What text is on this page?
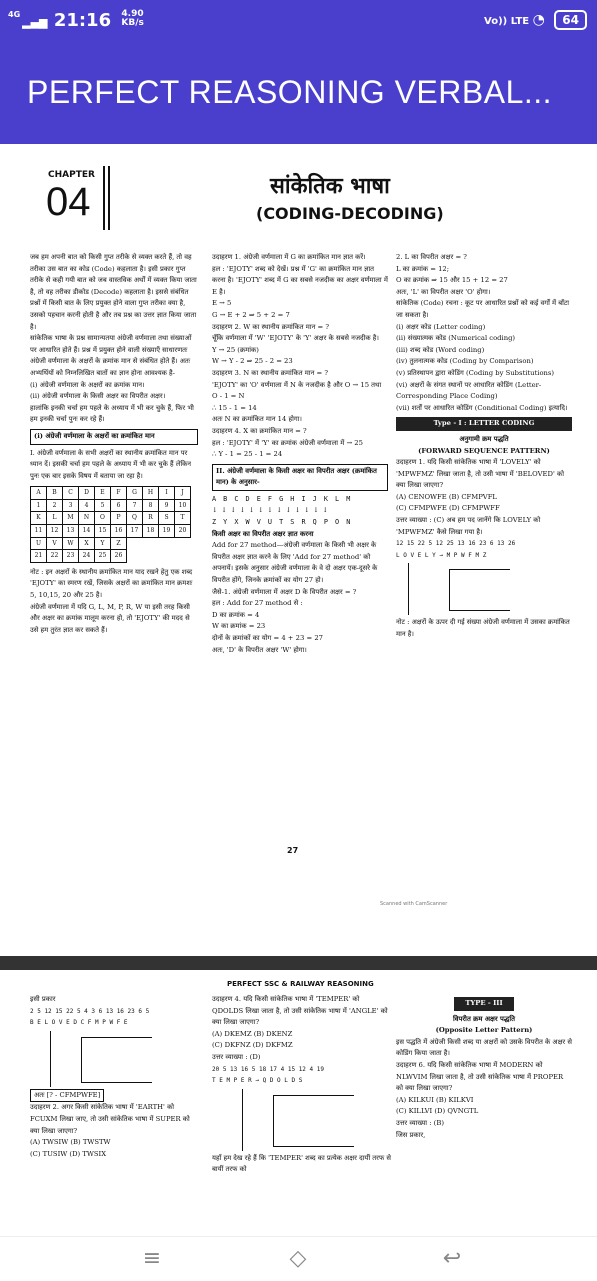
$^{4G}$▂▄▆ 21:16 4.90
KB/s	Vo)) LTE ◔ 64
PERFECT REASONING VERBAL...
CHAPTER
04	सांकेतिक भाषा
(CODING-DECODING)

जब हम अपनी बात को किसी गुप्त तरीके से व्यक्त करते हैं, तो वह तरीका उस बात का कोड (Code) कहलाता है। इसी प्रकार गुप्त तरीके से कही गयी बात को जब वास्तविक अर्थों में व्यक्त किया जाता है, तो वह तरीका डीकोड (Decode) कहलाता है। इससे संबंधित प्रश्नों में किसी बात के लिए प्रयुक्त होने वाला गुप्त तरीका क्या है, उसको पहचान करनी होती है और तब प्रश्न का उत्तर ज्ञात किया जाता है।

सांकेतिक भाषा के प्रश्न सामान्यतया अंग्रेजी वर्णमाला तथा संख्याओं पर आधारित होते हैं। प्रश्न में प्रयुक्त होने वाली संख्याएँ साधारणतः अंग्रेजी वर्णमाला के अक्षरों के क्रमांक मान से संबंधित होते हैं। अतः अभ्यर्थियों को निम्नलिखित बातों का ज्ञान होना आवश्यक है-

(i) अंग्रेजी वर्णमाला के अक्षरों का क्रमांक मान।

(ii) अंग्रेजी वर्णमाला के किसी अक्षर का विपरीत अक्षर।

हालांकि इनकी चर्चा हम पहले के अध्याय में भी कर चुके हैं, फिर भी हम इनकी चर्चा पुनः कर रहे हैं।

(i) अंग्रेजी वर्णमाला के अक्षरों का क्रमांकित मान

I. अंग्रेजी वर्णमाला के सभी अक्षरों का स्थानीय क्रमांकित मान पर ध्यान दें। इसकी चर्चा हम पहले के अध्याय में भी कर चुके हैं लेकिन पुनः एक बार इसके विषय में बताया जा रहा है।

A	B	C	D	E	F	G	H	I	J
1	2	3	4	5	6	7	8	9	10
K	L	M	N	O	P	Q	R	S	T
11	12	13	14	15	16	17	18	19	20
U	V	W	X	Y	Z				
21	22	23	24	25	26				

नोट : इन अक्षरों के स्थानीय क्रमांकित मान याद रखने हेतु एक शब्द 'EJOTY' का स्मरण रखें, जिसके अक्षरों का क्रमांकित मान क्रमशः 5, 10,15, 20 और 25 है।

अंग्रेजी वर्णमाला में यदि G, L, M, P, R, W या इसी तरह किसी और अक्षर का क्रमांक मालूम करना हो, तो 'EJOTY' की मदद से उसे हम तुरंत ज्ञात कर सकते हैं।

उदाहरण 1. अंग्रेजी वर्णमाला में G का क्रमांकित मान ज्ञात करें।

हल : 'EJOTY' शब्द को देखें। प्रश्न में 'G' का क्रमांकित मान ज्ञात करना है। 'EJOTY' शब्द में G का सबसे नजदीक का अक्षर वर्णमाला में E है।

E → 5

G → E + 2 ⇒ 5 + 2 = 7

उदाहरण 2. W का स्थानीय क्रमांकित मान = ?

चूँकि वर्णमाला में 'W' 'EJOTY' के 'Y' अक्षर के सबसे नजदीक है।

Y → 25 (क्रमांक)

W → Y - 2 ⇒ 25 - 2 = 23

उदाहरण 3. N का स्थानीय क्रमांकित मान = ?

'EJOTY' का 'O' वर्णमाला में N के नजदीक है और O → 15 तथा O - 1 = N

∴ 15 - 1 = 14

अतः N का क्रमांकित मान 14 होगा।

उदाहरण 4. X का क्रमांकित मान = ?

हल : 'EJOTY' में 'Y' का क्रमांक अंग्रेजी वर्णमाला में → 25

∴ Y - 1 = 25 - 1 = 24

II. अंग्रेजी वर्णमाला के किसी अक्षर का विपरीत अक्षर (क्रमांकित मान) के अनुसार-

A B C D E F G H I J K L M

↓↓↓↓↓↓↓↓↓↓↓↓↓

Z Y X W V U T S R Q P O N

किसी अक्षर का विपरीत अक्षर ज्ञात करना

Add for 27 method—अंग्रेजी वर्णमाला के किसी भी अक्षर के विपरीत अक्षर ज्ञात करने के लिए 'Add for 27 method' को अपनायें। इसके अनुसार अंग्रेजी वर्णमाला के वे दो अक्षर एक-दूसरे के विपरीत होंगे, जिनके क्रमांकों का योग 27 हो।

जैसे-1. अंग्रेजी वर्णमाला में अक्षर D के विपरीत अक्षर = ?

हल : Add for 27 method से :

D का क्रमांक = 4

W का क्रमांक = 23

दोनों के क्रमांकों का योग = 4 + 23 = 27

अतः, 'D' के विपरीत अक्षर 'W' होगा।

2. L का विपरीत अक्षर = ?

L का क्रमांक = 12;

O का क्रमांक ⇒ 15 और 15 + 12 = 27

अतः, 'L' का विपरीत अक्षर 'O' होगा।

सांकेतिक (Code) रचना : कूट पर आधारित प्रश्नों को कई वर्गों में बाँटा जा सकता है।

(i) अक्षर कोड (Letter coding)

(ii) संख्यात्मक कोड (Numerical coding)

(iii) शब्द कोड (Word coding)

(iv) तुलनात्मक कोड (Coding by Comparison)

(v) प्रतिस्थापन द्वारा कोडिंग (Coding by Substitutions)

(vi) अक्षरों के संगत स्थानों पर आधारित कोडिंग (Letter-Corresponding Place Coding)

(vii) शर्तों पर आधारित कोडिंग (Conditional Coding) इत्यादि।

Type - I : LETTER CODING

अनुगामी क्रम पद्धति

(FORWARD SEQUENCE PATTERN)

उदाहरण 1. यदि किसी सांकेतिक भाषा में 'LOVELY' को 'MPWFMZ' लिखा जाता है, तो उसी भाषा में 'BELOVED' को क्या लिखा जाएगा?

(A) CENOWFE (B) CFMPVFL

(C) CFMPWFE (D) CFMPWFF

उत्तर व्याख्या : (C) अब हम पद जानेंगे कि LOVELY को 'MPWFMZ' कैसे लिखा गया है।

12 15 22 5 12 25 13 16 23 6 13 26

L O V E L Y → M P W F M Z

नोट : अक्षरों के ऊपर दी गई संख्या अंग्रेजी वर्णमाला में उसका क्रमांकित मान है।

27
Scanned with CamScanner
PERFECT SSC & RAILWAY REASONING

इसी प्रकार

2 5 12 15 22 5 4 3 6 13 16 23 6 5

B E L O V E D C F M P W F E

अतः [? - CFMPWFE]

उदाहरण 2. अगर किसी सांकेतिक भाषा में 'EARTH' को FCUXM लिखा जाए, तो उसी सांकेतिक भाषा में SUPER को क्या लिखा जाएगा?

(A) TWSIW (B) TWSTW

(C) TUSIW (D) TWSIX

उदाहरण 4. यदि किसी सांकेतिक भाषा में 'TEMPER' को QDOLDS लिखा जाता है, तो उसी सांकेतिक भाषा में 'ANGLE' को क्या लिखा जाएगा?

(A) DKEMZ (B) DKENZ

(C) DKFNZ (D) DKFMZ

उत्तर व्याख्या : (D)

20 5 13 16 5 18 17 4 15 12 4 19

T E M P E R → Q D O L D S

यहाँ हम देख रहे हैं कि 'TEMPER' शब्द का प्रत्येक अक्षर दायीं तरफ से बायीं तरफ को

TYPE - III

विपरीत क्रम अक्षर पद्धति

(Opposite Letter Pattern)

इस पद्धति में अंग्रेजी किसी शब्द या अक्षरों को उसके विपरीत के अक्षर से कोडिंग किया जाता है।

उदाहरण 6. यदि किसी सांकेतिक भाषा में MODERN को NLWVIM लिखा जाता है, तो उसी सांकेतिक भाषा में PROPER को क्या लिखा जाएगा?

(A) KILKUI (B) KILKVI

(C) KILLVI (D) QVNGTL

उत्तर व्याख्या : (B)

जिस प्रकार,

≡	◇	↩
